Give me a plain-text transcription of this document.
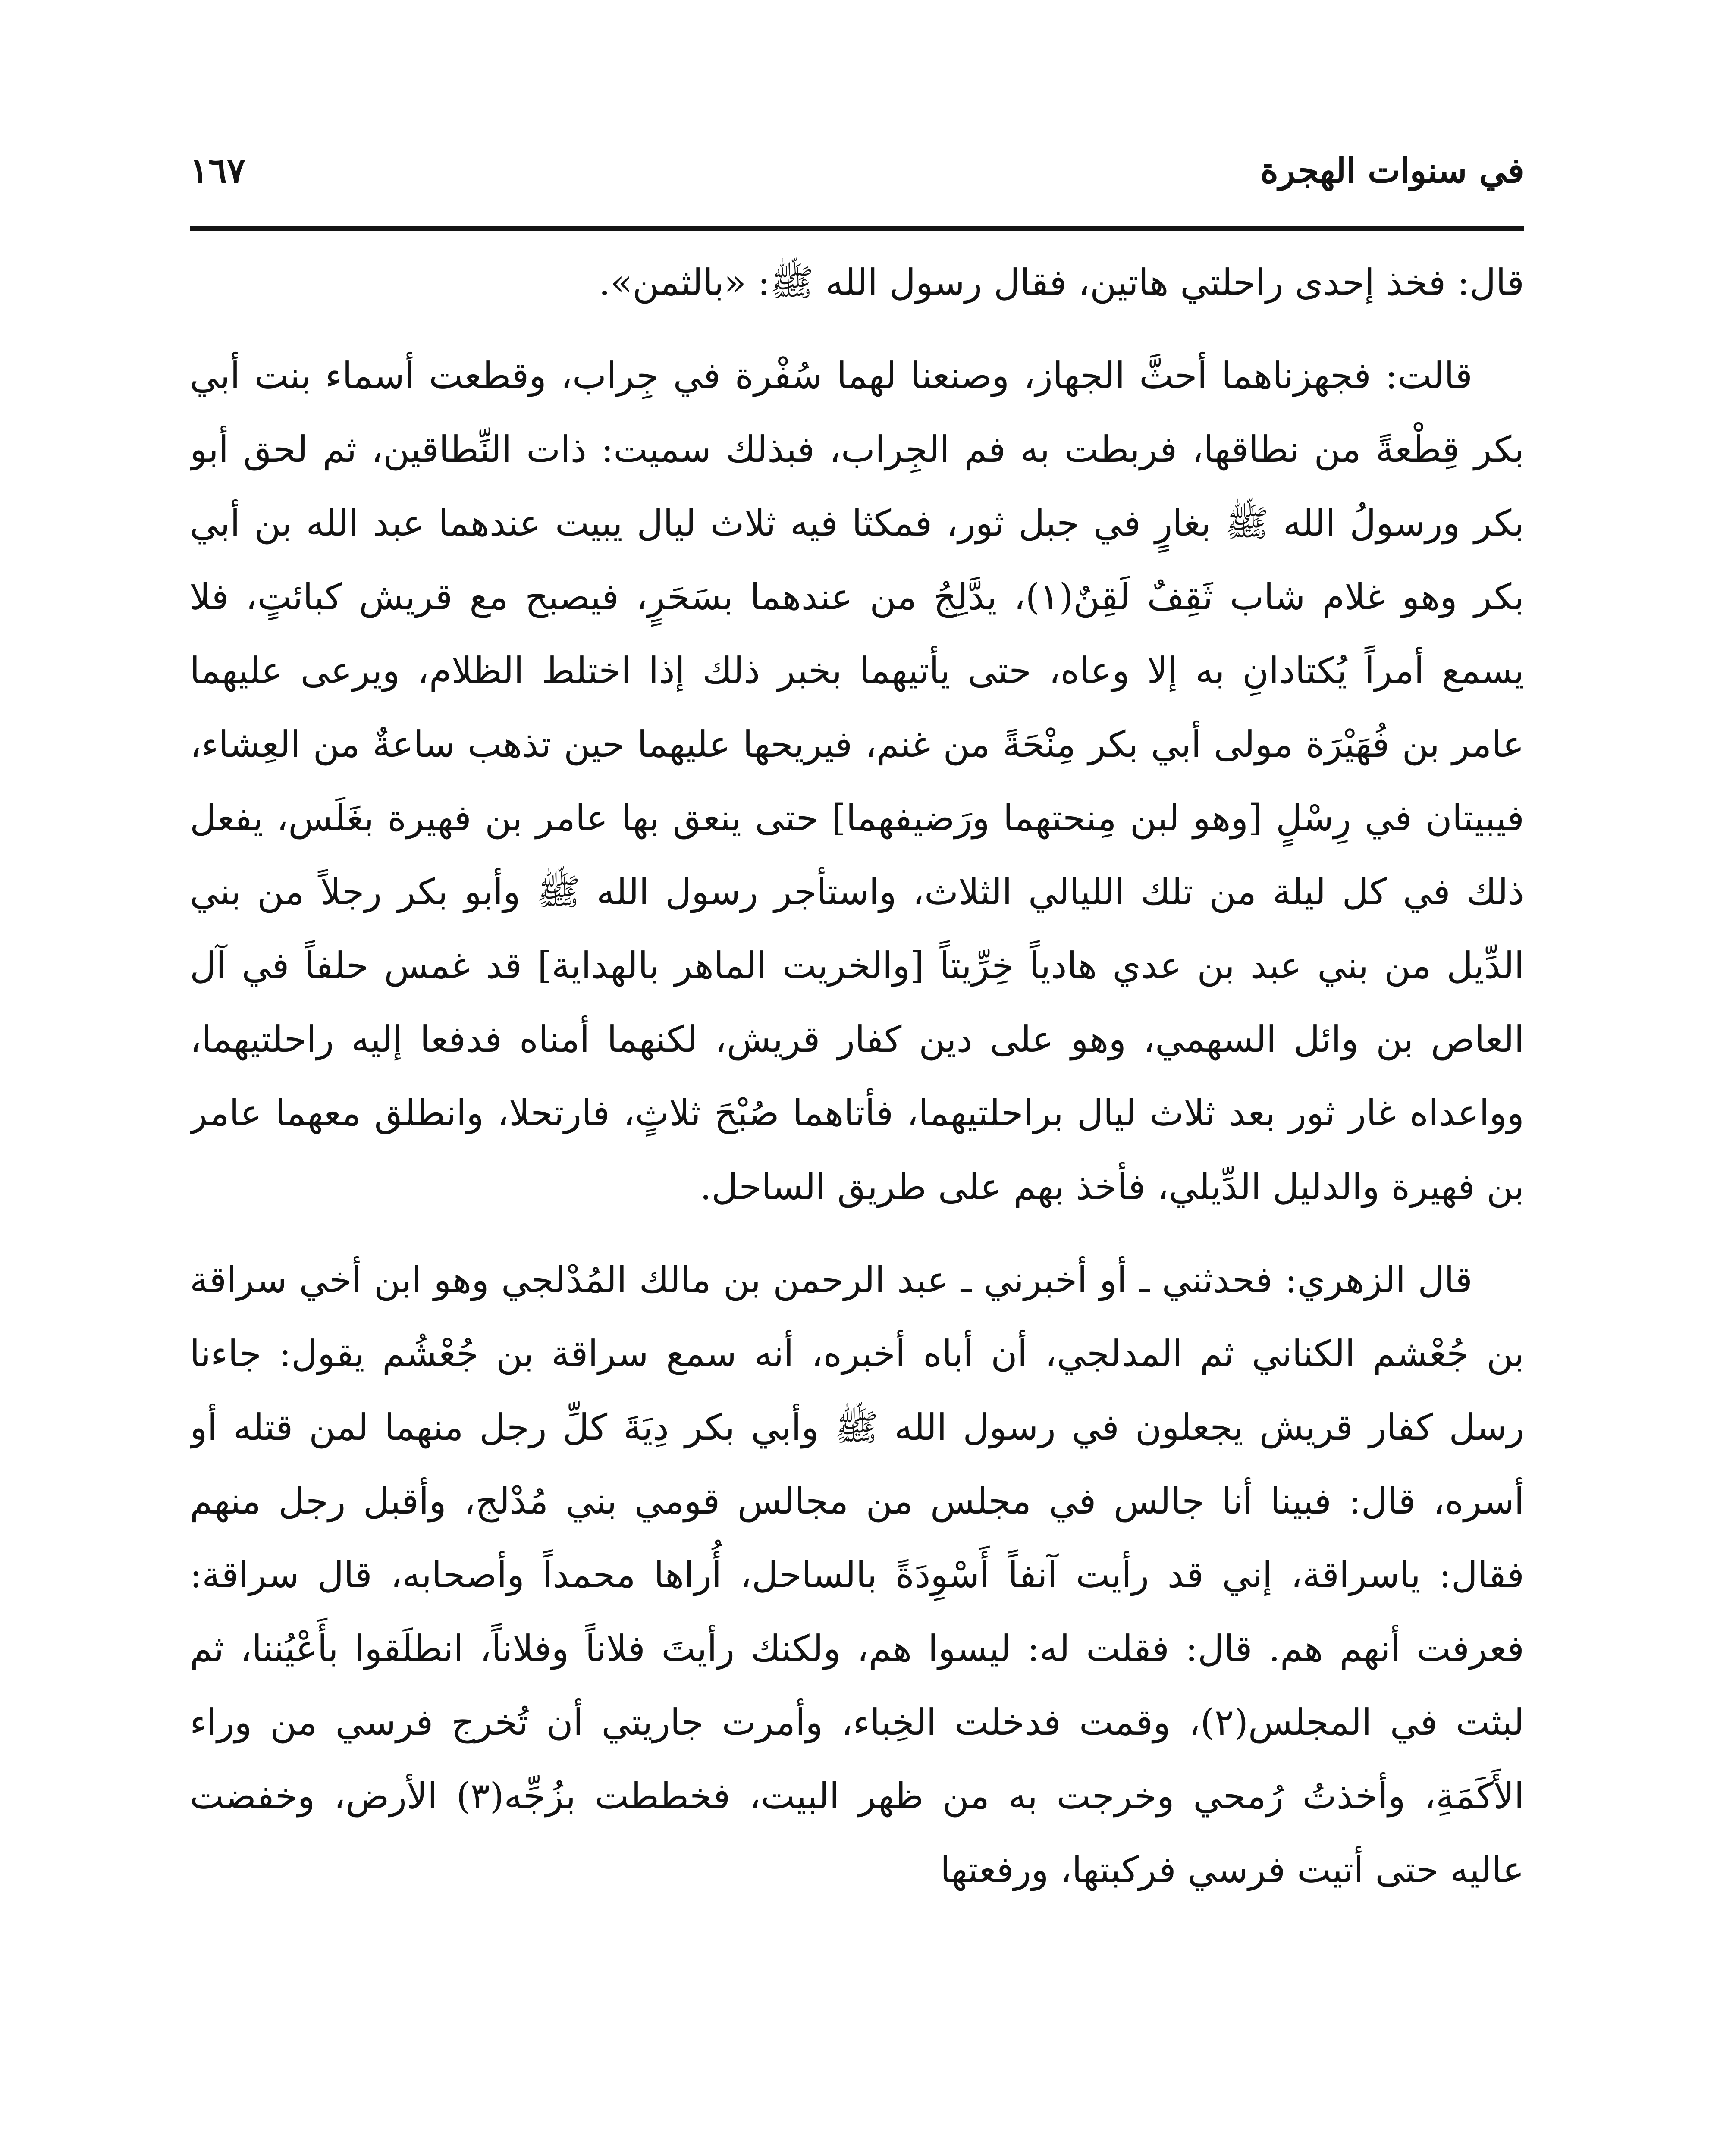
في سنوات الهجرة
١٦٧

قال: فخذ إحدى راحلتي هاتين، فقال رسول الله ﷺ: «بالثمن».

قالت: فجهزناهما أحثَّ الجهاز، وصنعنا لهما سُفْرة في جِراب، وقطعت أسماء بنت أبي بكر قِطْعةً من نطاقها، فربطت به فم الجِراب، فبذلك سميت: ذات النِّطاقين، ثم لحق أبو بكر ورسولُ الله ﷺ بغارٍ في جبل ثور، فمكثا فيه ثلاث ليال يبيت عندهما عبد الله بن أبي بكر وهو غلام شاب ثَقِفٌ لَقِنٌ(١)، يدَّلِجُ من عندهما بسَحَرٍ، فيصبح مع قريش كبائتٍ، فلا يسمع أمراً يُكتادانِ به إلا وعاه، حتى يأتيهما بخبر ذلك إذا اختلط الظلام، ويرعى عليهما عامر بن فُهَيْرَة مولى أبي بكر مِنْحَةً من غنم، فيريحها عليهما حين تذهب ساعةٌ من العِشاء، فيبيتان في رِسْلٍ [وهو لبن مِنحتهما ورَضيفهما] حتى ينعق بها عامر بن فهيرة بغَلَس، يفعل ذلك في كل ليلة من تلك الليالي الثلاث، واستأجر رسول الله ﷺ وأبو بكر رجلاً من بني الدِّيل من بني عبد بن عدي هادياً خِرِّيتاً [والخريت الماهر بالهداية] قد غمس حلفاً في آل العاص بن وائل السهمي، وهو على دين كفار قريش، لكنهما أمناه فدفعا إليه راحلتيهما، وواعداه غار ثور بعد ثلاث ليال براحلتيهما، فأتاهما صُبْحَ ثلاثٍ، فارتحلا، وانطلق معهما عامر بن فهيرة والدليل الدِّيلي، فأخذ بهم على طريق الساحل.

قال الزهري: فحدثني ـ أو أخبرني ـ عبد الرحمن بن مالك المُدْلجي وهو ابن أخي سراقة بن جُعْشم الكناني ثم المدلجي، أن أباه أخبره، أنه سمع سراقة بن جُعْشُم يقول: جاءنا رسل كفار قريش يجعلون في رسول الله ﷺ وأبي بكر دِيَةَ كلِّ رجل منهما لمن قتله أو أسره، قال: فبينا أنا جالس في مجلس من مجالس قومي بني مُدْلج، وأقبل رجل منهم فقال: ياسراقة، إني قد رأيت آنفاً أَسْوِدَةً بالساحل، أُراها محمداً وأصحابه، قال سراقة: فعرفت أنهم هم. قال: فقلت له: ليسوا هم، ولكنك رأيتَ فلاناً وفلاناً، انطلَقوا بأَعْيُننا، ثم لبثت في المجلس(٢)، وقمت فدخلت الخِباء، وأمرت جاريتي أن تُخرج فرسي من وراء الأَكَمَةِ، وأخذتُ رُمحي وخرجت به من ظهر البيت، فخططت بزُجِّه(٣) الأرض، وخفضت عاليه حتى أتيت فرسي فركبتها، ورفعتها
